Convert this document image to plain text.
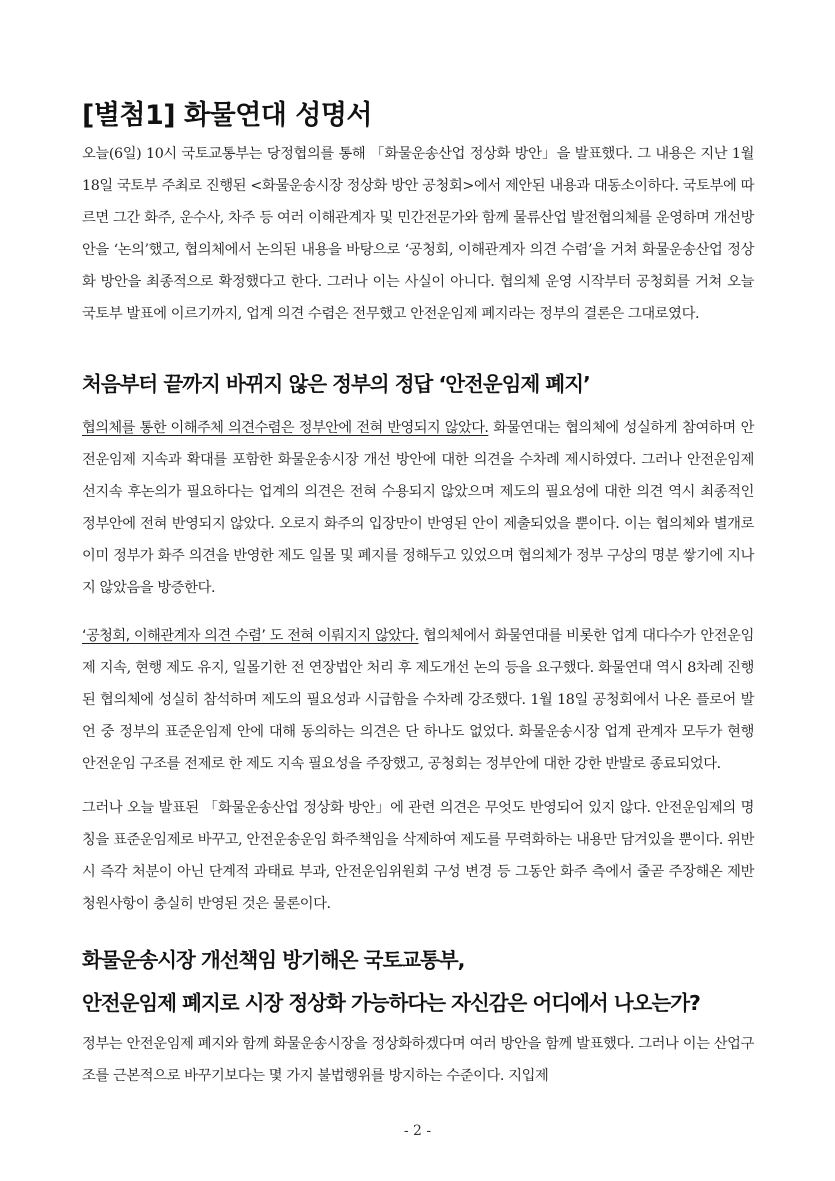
[별첨1] 화물연대 성명서

오늘(6일) 10시 국토교통부는 당정협의를 통해 「화물운송산업 정상화 방안」을 발표했다. 그 내용은 지난 1월 18일 국토부 주최로 진행된 <화물운송시장 정상화 방안 공청회>에서 제안된 내용과 대동소이하다. 국토부에 따르면 그간 화주, 운수사, 차주 등 여러 이해관계자 및 민간전문가와 함께 물류산업 발전협의체를 운영하며 개선방안을 ‘논의’했고, 협의체에서 논의된 내용을 바탕으로 ‘공청회, 이해관계자 의견 수렴’을 거쳐 화물운송산업 정상화 방안을 최종적으로 확정했다고 한다. 그러나 이는 사실이 아니다. 협의체 운영 시작부터 공청회를 거쳐 오늘 국토부 발표에 이르기까지, 업계 의견 수렴은 전무했고 안전운임제 폐지라는 정부의 결론은 그대로였다.

처음부터 끝까지 바뀌지 않은 정부의 정답 ‘안전운임제 폐지’

협의체를 통한 이해주체 의견수렴은 정부안에 전혀 반영되지 않았다. 화물연대는 협의체에 성실하게 참여하며 안전운임제 지속과 확대를 포함한 화물운송시장 개선 방안에 대한 의견을 수차례 제시하였다. 그러나 안전운임제 선지속 후논의가 필요하다는 업계의 의견은 전혀 수용되지 않았으며 제도의 필요성에 대한 의견 역시 최종적인 정부안에 전혀 반영되지 않았다. 오로지 화주의 입장만이 반영된 안이 제출되었을 뿐이다. 이는 협의체와 별개로 이미 정부가 화주 의견을 반영한 제도 일몰 및 폐지를 정해두고 있었으며 협의체가 정부 구상의 명분 쌓기에 지나지 않았음을 방증한다.

‘공청회, 이해관계자 의견 수렴’ 도 전혀 이뤄지지 않았다. 협의체에서 화물연대를 비롯한 업계 대다수가 안전운임제 지속, 현행 제도 유지, 일몰기한 전 연장법안 처리 후 제도개선 논의 등을 요구했다. 화물연대 역시 8차례 진행된 협의체에 성실히 참석하며 제도의 필요성과 시급함을 수차례 강조했다. 1월 18일 공청회에서 나온 플로어 발언 중 정부의 표준운임제 안에 대해 동의하는 의견은 단 하나도 없었다. 화물운송시장 업계 관계자 모두가 현행 안전운임 구조를 전제로 한 제도 지속 필요성을 주장했고, 공청회는 정부안에 대한 강한 반발로 종료되었다.

그러나 오늘 발표된 「화물운송산업 정상화 방안」에 관련 의견은 무엇도 반영되어 있지 않다. 안전운임제의 명칭을 표준운임제로 바꾸고, 안전운송운임 화주책임을 삭제하여 제도를 무력화하는 내용만 담겨있을 뿐이다. 위반 시 즉각 처분이 아닌 단계적 과태료 부과, 안전운임위원회 구성 변경 등 그동안 화주 측에서 줄곧 주장해온 제반 청원사항이 충실히 반영된 것은 물론이다.

화물운송시장 개선책임 방기해온 국토교통부,
안전운임제 폐지로 시장 정상화 가능하다는 자신감은 어디에서 나오는가?

정부는 안전운임제 폐지와 함께 화물운송시장을 정상화하겠다며 여러 방안을 함께 발표했다. 그러나 이는 산업구조를 근본적으로 바꾸기보다는 몇 가지 불법행위를 방지하는 수준이다. 지입제

- 2 -
